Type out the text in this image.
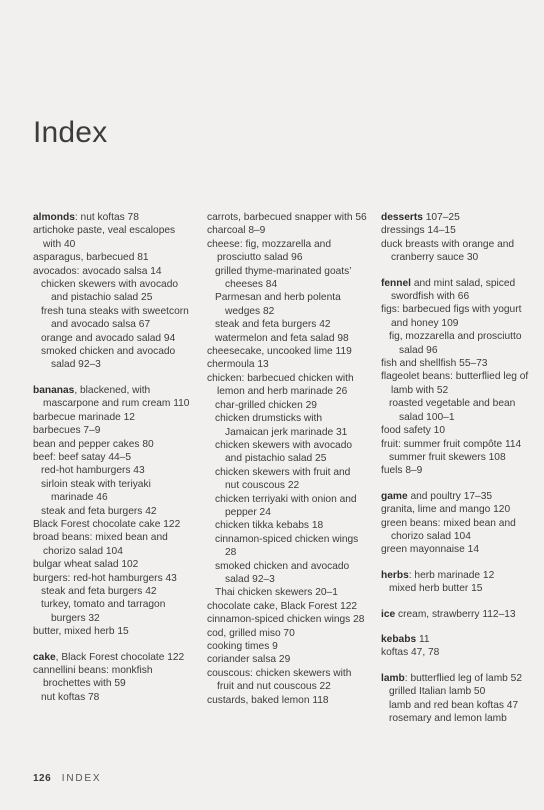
Index

almonds: nut koftas 78

artichoke paste, veal escalopes with 40

asparagus, barbecued 81

avocados: avocado salsa 14

chicken skewers with avocado and pistachio salad 25

fresh tuna steaks with sweetcorn and avocado salsa 67

orange and avocado salad 94

smoked chicken and avocado salad 92–3

bananas, blackened, with mascarpone and rum cream 110

barbecue marinade 12

barbecues 7–9

bean and pepper cakes 80

beef: beef satay 44–5

red-hot hamburgers 43

sirloin steak with teriyaki marinade 46

steak and feta burgers 42

Black Forest chocolate cake 122

broad beans: mixed bean and chorizo salad 104

bulgar wheat salad 102

burgers: red-hot hamburgers 43

steak and feta burgers 42

turkey, tomato and tarragon burgers 32

butter, mixed herb 15

cake, Black Forest chocolate 122

cannellini beans: monkfish brochettes with 59

nut koftas 78

carrots, barbecued snapper with 56

charcoal 8–9

cheese: fig, mozzarella and prosciutto salad 96

grilled thyme-marinated goats’ cheeses 84

Parmesan and herb polenta wedges 82

steak and feta burgers 42

watermelon and feta salad 98

cheesecake, uncooked lime 119

chermoula 13

chicken: barbecued chicken with lemon and herb marinade 26

char-grilled chicken 29

chicken drumsticks with Jamaican jerk marinade 31

chicken skewers with avocado and pistachio salad 25

chicken skewers with fruit and nut couscous 22

chicken terriyaki with onion and pepper 24

chicken tikka kebabs 18

cinnamon-spiced chicken wings 28

smoked chicken and avocado salad 92–3

Thai chicken skewers 20–1

chocolate cake, Black Forest 122

cinnamon-spiced chicken wings 28

cod, grilled miso 70

cooking times 9

coriander salsa 29

couscous: chicken skewers with fruit and nut couscous 22

custards, baked lemon 118

desserts 107–25

dressings 14–15

duck breasts with orange and cranberry sauce 30

fennel and mint salad, spiced swordfish with 66

figs: barbecued figs with yogurt and honey 109

fig, mozzarella and prosciutto salad 96

fish and shellfish 55–73

flageolet beans: butterflied leg of lamb with 52

roasted vegetable and bean salad 100–1

food safety 10

fruit: summer fruit compôte 114

summer fruit skewers 108

fuels 8–9

game and poultry 17–35

granita, lime and mango 120

green beans: mixed bean and chorizo salad 104

green mayonnaise 14

herbs: herb marinade 12

mixed herb butter 15

ice cream, strawberry 112–13

kebabs 11

koftas 47, 78

lamb: butterflied leg of lamb 52

grilled Italian lamb 50

lamb and red bean koftas 47

rosemary and lemon lamb

126 INDEX
